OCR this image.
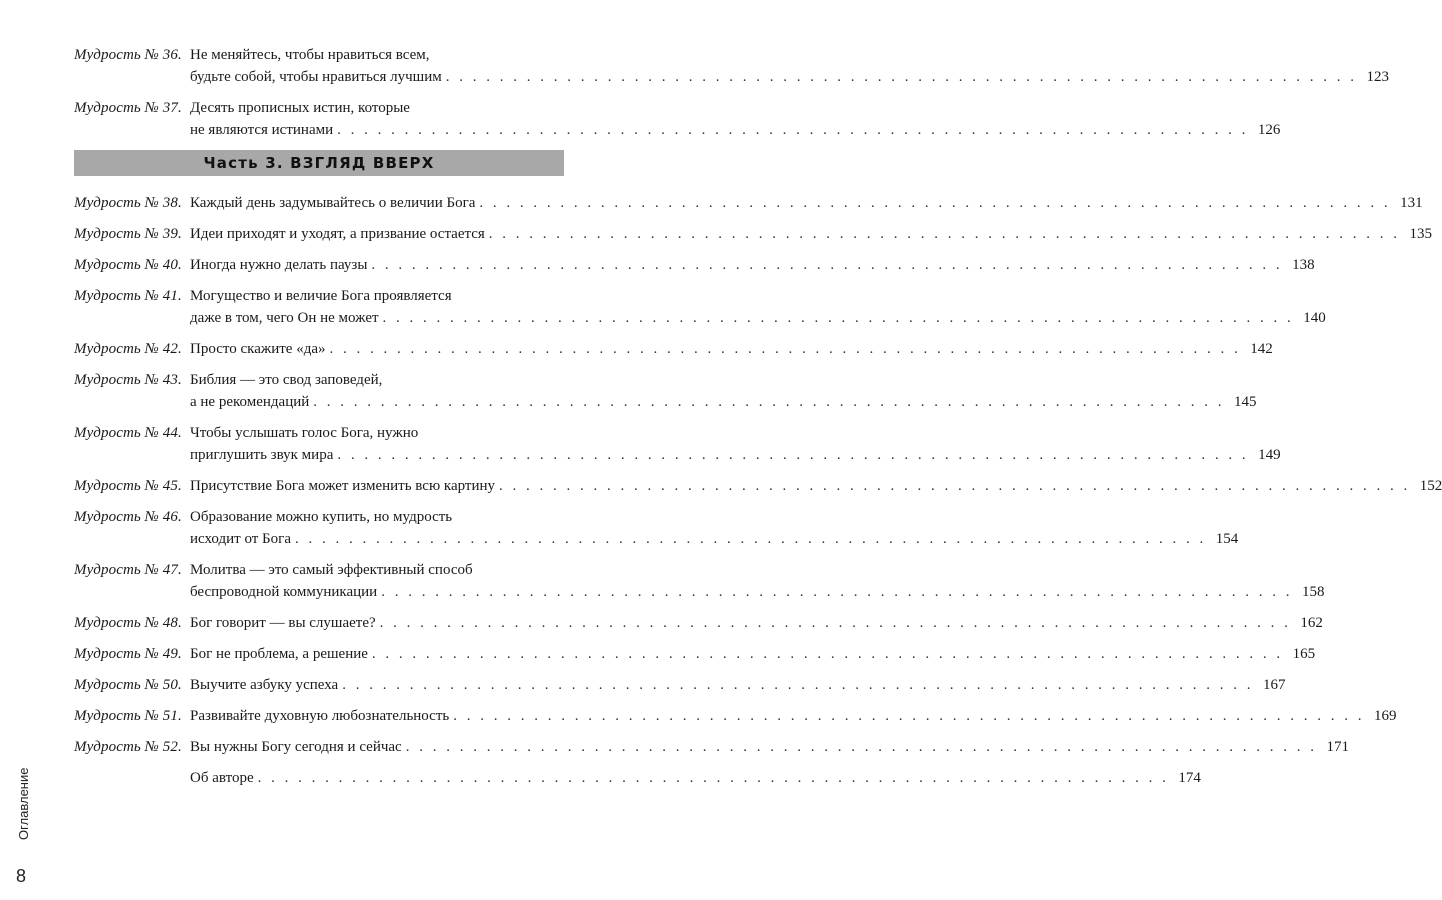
Мудрость № 36. Не меняйтесь, чтобы нравиться всем,
будьте собой, чтобы нравиться лучшим . . .	123
Мудрость № 37. Десять прописных истин, которые
не являются истинами . . .	126
Часть 3. ВЗГЛЯД ВВЕРХ
Мудрость № 38. Каждый день задумывайтесь о величии Бога . . .	131
Мудрость № 39. Идеи приходят и уходят, а призвание остается . . .	135
Мудрость № 40. Иногда нужно делать паузы . . .	138
Мудрость № 41. Могущество и величие Бога проявляется
даже в том, чего Он не может . . .	140
Мудрость № 42. Просто скажите «да» . . .	142
Мудрость № 43. Библия — это свод заповедей,
а не рекомендаций . . .	145
Мудрость № 44. Чтобы услышать голос Бога, нужно
приглушить звук мира . . .	149
Мудрость № 45. Присутствие Бога может изменить всю картину . . .	152
Мудрость № 46. Образование можно купить, но мудрость
исходит от Бога . . .	154
Мудрость № 47. Молитва — это самый эффективный способ
беспроводной коммуникации . . .	158
Мудрость № 48. Бог говорит — вы слушаете? . . .	162
Мудрость № 49. Бог не проблема, а решение . . .	165
Мудрость № 50. Выучите азбуку успеха . . .	167
Мудрость № 51. Развивайте духовную любознательность . . .	169
Мудрость № 52. Вы нужны Богу сегодня и сейчас . . .	171
Об авторе . . .	174
Оглавление
8
